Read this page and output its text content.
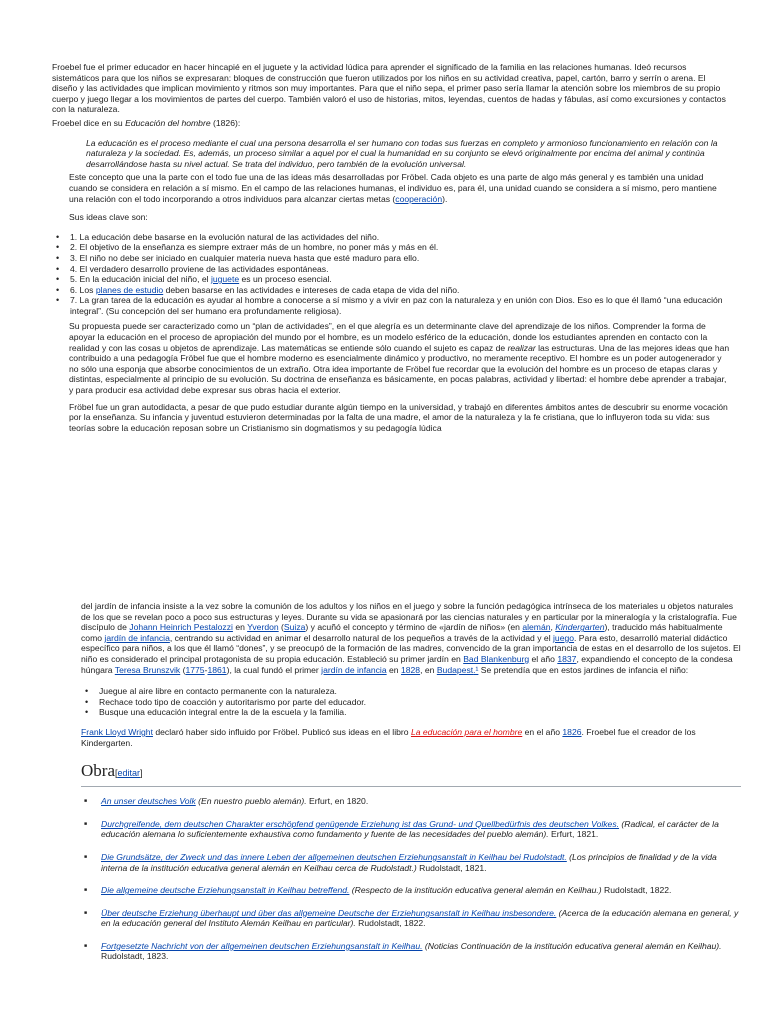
Froebel fue el primer educador en hacer hincapié en el juguete y la actividad lúdica para aprender el significado de la familia en las relaciones humanas. Ideó recursos sistemáticos para que los niños se expresaran: bloques de construcción que fueron utilizados por los niños en su actividad creativa, papel, cartón, barro y serrín o arena. El diseño y las actividades que implican movimiento y ritmos son muy importantes. Para que el niño sepa, el primer paso sería llamar la atención sobre los miembros de su propio cuerpo y juego llegar a los movimientos de partes del cuerpo. También valoró el uso de historias, mitos, leyendas, cuentos de hadas y fábulas, así como excursiones y contactos con la naturaleza.

Froebel dice en su Educación del hombre (1826):

La educación es el proceso mediante el cual una persona desarrolla el ser humano con todas sus fuerzas en completo y armonioso funcionamiento en relación con la naturaleza y la sociedad. Es, además, un proceso similar a aquel por el cual la humanidad en su conjunto se elevó originalmente por encima del animal y continúa desarrollándose hasta su nivel actual. Se trata del individuo, pero también de la evolución universal.

Este concepto que una la parte con el todo fue una de las ideas más desarrolladas por Fröbel. Cada objeto es una parte de algo más general y es también una unidad cuando se considera en relación a sí mismo. En el campo de las relaciones humanas, el individuo es, para él, una unidad cuando se considera a sí mismo, pero mantiene una relación con el todo incorporando a otros individuos para alcanzar ciertas metas (cooperación).

Sus ideas clave son:

• 1. La educación debe basarse en la evolución natural de las actividades del niño.
• 2. El objetivo de la enseñanza es siempre extraer más de un hombre, no poner más y más en él.
• 3. El niño no debe ser iniciado en cualquier materia nueva hasta que esté maduro para ello.
• 4. El verdadero desarrollo proviene de las actividades espontáneas.
• 5. En la educación inicial del niño, el juguete es un proceso esencial.
• 6. Los planes de estudio deben basarse en las actividades e intereses de cada etapa de vida del niño.
• 7. La gran tarea de la educación es ayudar al hombre a conocerse a sí mismo y a vivir en paz con la naturaleza y en unión con Dios. Eso es lo que él llamó “una educación integral”. (Su concepción del ser humano era profundamente religiosa).

Su propuesta puede ser caracterizado como un “plan de actividades”, en el que alegría es un determinante clave del aprendizaje de los niños. Comprender la forma de apoyar la educación en el proceso de apropiación del mundo por el hombre, es un modelo esférico de la educación, donde los estudiantes aprenden en contacto con la realidad y con las cosas u objetos de aprendizaje. Las matemáticas se entiende sólo cuando el sujeto es capaz de realizar las estructuras. Una de las mejores ideas que han contribuido a una pedagogía Fröbel fue que el hombre moderno es esencialmente dinámico y productivo, no meramente receptivo. El hombre es un poder autogenerador y no sólo una esponja que absorbe conocimientos de un extraño. Otra idea importante de Fröbel fue recordar que la evolución del hombre es un proceso de etapas claras y distintas, especialmente al principio de su evolución. Su doctrina de enseñanza es básicamente, en pocas palabras, actividad y libertad: el hombre debe aprender a trabajar, y para producir esa actividad debe expresar sus obras hacia el exterior.

Fröbel fue un gran autodidacta, a pesar de que pudo estudiar durante algún tiempo en la universidad, y trabajó en diferentes ámbitos antes de descubrir su enorme vocación por la enseñanza. Su infancia y juventud estuvieron determinadas por la falta de una madre, el amor de la naturaleza y la fe cristiana, que lo influyeron toda su vida: sus teorías sobre la educación reposan sobre un Cristianismo sin dogmatismos y su pedagogía lúdica

del jardín de infancia insiste a la vez sobre la comunión de los adultos y los niños en el juego y sobre la función pedagógica intrínseca de los materiales u objetos naturales de los que se revelan poco a poco sus estructuras y leyes. Durante su vida se apasionará por las ciencias naturales y en particular por la mineralogía y la cristalografía. Fue discípulo de Johann Heinrich Pestalozzi en Yverdon (Suiza) y acuñó el concepto y término de «jardín de niños» (en alemán, Kindergarten), traducido más habitualmente como jardín de infancia, centrando su actividad en animar el desarrollo natural de los pequeños a través de la actividad y el juego. Para esto, desarrolló material didáctico específico para niños, a los que él llamó “dones”, y se preocupó de la formación de las madres, convencido de la gran importancia de estas en el desarrollo de los sujetos. El niño es considerado el principal protagonista de su propia educación. Estableció su primer jardín en Bad Blankenburg el año 1837, expandiendo el concepto de la condesa húngara Teresa Brunszvik (1775-1861), la cual fundó el primer jardín de infancia en 1828, en Budapest.¹ Se pretendía que en estos jardines de infancia el niño:

• Juegue al aire libre en contacto permanente con la naturaleza.
• Rechace todo tipo de coacción y autoritarismo por parte del educador.
• Busque una educación integral entre la de la escuela y la familia.

Frank Lloyd Wright declaró haber sido influido por Fröbel. Publicó sus ideas en el libro La educación para el hombre en el año 1826. Froebel fue el creador de los Kindergarten.

Obra[editar]
■ An unser deutsches Volk (En nuestro pueblo alemán). Erfurt, en 1820.
■ Durchgreifende, dem deutschen Charakter erschöpfend genügende Erziehung ist das Grund- und Quellbedürfnis des deutschen Volkes. (Radical, el carácter de la educación alemana lo suficientemente exhaustiva como fundamento y fuente de las necesidades del pueblo alemán). Erfurt, 1821.
■ Die Grundsätze, der Zweck und das innere Leben der allgemeinen deutschen Erziehungsanstalt in Keilhau bei Rudolstadt. (Los principios de finalidad y de la vida interna de la institución educativa general alemán en Keilhau cerca de Rudolstadt.) Rudolstadt, 1821.
■ Die allgemeine deutsche Erziehungsanstalt in Keilhau betreffend. (Respecto de la institución educativa general alemán en Keilhau.) Rudolstadt, 1822.
■ Über deutsche Erziehung überhaupt und über das allgemeine Deutsche der Erziehungsanstalt in Keilhau insbesondere. (Acerca de la educación alemana en general, y en la educación general del Instituto Alemán Keilhau en particular). Rudolstadt, 1822.
■ Fortgesetzte Nachricht von der allgemeinen deutschen Erziehungsanstalt in Keilhau. (Noticias Continuación de la institución educativa general alemán en Keilhau). Rudolstadt, 1823.
